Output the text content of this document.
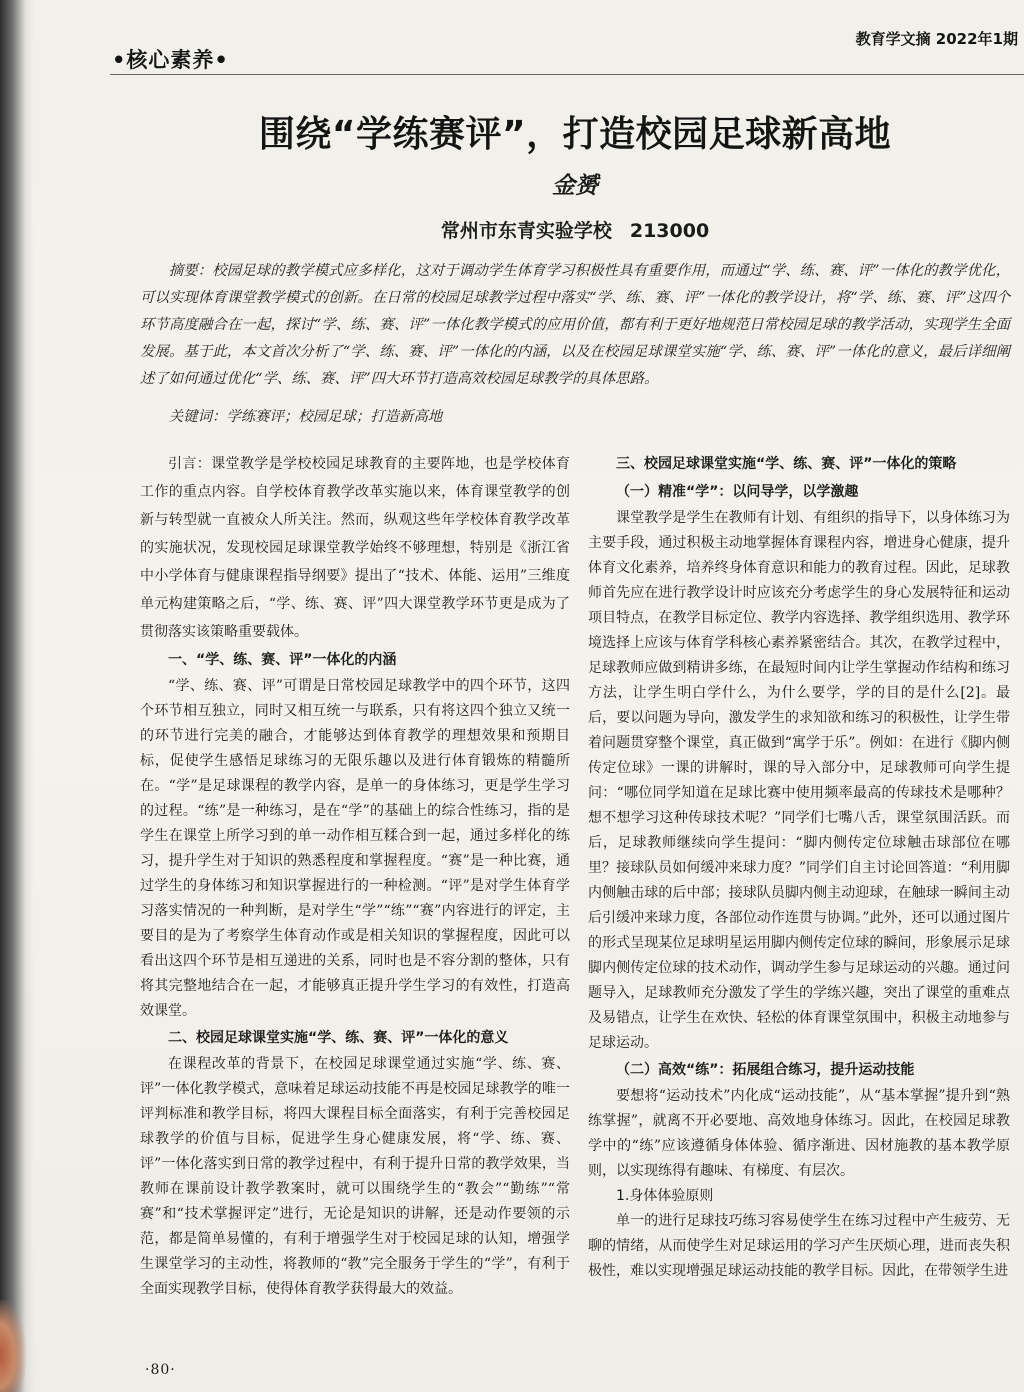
•核心素养•
教育学文摘 2022年1期
围绕“学练赛评”，打造校园足球新高地
金赟
常州市东青实验学校 213000

摘要：校园足球的教学模式应多样化，这对于调动学生体育学习积极性具有重要作用，而通过“学、练、赛、评”一体化的教学优化，可以实现体育课堂教学模式的创新。在日常的校园足球教学过程中落实“学、练、赛、评”一体化的教学设计，将“学、练、赛、评”这四个环节高度融合在一起，探讨“学、练、赛、评”一体化教学模式的应用价值，都有利于更好地规范日常校园足球的教学活动，实现学生全面发展。基于此，本文首次分析了“学、练、赛、评”一体化的内涵，以及在校园足球课堂实施“学、练、赛、评”一体化的意义，最后详细阐述了如何通过优化“学、练、赛、评”四大环节打造高效校园足球教学的具体思路。

关键词：学练赛评；校园足球；打造新高地

引言：课堂教学是学校校园足球教育的主要阵地，也是学校体育工作的重点内容。自学校体育教学改革实施以来，体育课堂教学的创新与转型就一直被众人所关注。然而，纵观这些年学校体育教学改革的实施状况，发现校园足球课堂教学始终不够理想，特别是《浙江省中小学体育与健康课程指导纲要》提出了“技术、体能、运用”三维度单元构建策略之后，“学、练、赛、评”四大课堂教学环节更是成为了贯彻落实该策略重要载体。

一、“学、练、赛、评”一体化的内涵

“学、练、赛、评”可谓是日常校园足球教学中的四个环节，这四个环节相互独立，同时又相互统一与联系，只有将这四个独立又统一的环节进行完美的融合，才能够达到体育教学的理想效果和预期目标，促使学生感悟足球练习的无限乐趣以及进行体育锻炼的精髓所在。“学”是足球课程的教学内容，是单一的身体练习，更是学生学习的过程。“练”是一种练习，是在“学”的基础上的综合性练习，指的是学生在课堂上所学习到的单一动作相互糅合到一起，通过多样化的练习，提升学生对于知识的熟悉程度和掌握程度。“赛”是一种比赛，通过学生的身体练习和知识掌握进行的一种检测。“评”是对学生体育学习落实情况的一种判断，是对学生“学”“练”“赛”内容进行的评定，主要目的是为了考察学生体育动作或是相关知识的掌握程度，因此可以看出这四个环节是相互递进的关系，同时也是不容分割的整体，只有将其完整地结合在一起，才能够真正提升学生学习的有效性，打造高效课堂。

二、校园足球课堂实施“学、练、赛、评”一体化的意义

在课程改革的背景下，在校园足球课堂通过实施“学、练、赛、评”一体化教学模式，意味着足球运动技能不再是校园足球教学的唯一评判标准和教学目标，将四大课程目标全面落实，有利于完善校园足球教学的价值与目标，促进学生身心健康发展，将“学、练、赛、评”一体化落实到日常的教学过程中，有利于提升日常的教学效果，当教师在课前设计教学教案时，就可以围绕学生的“教会”“勤练”“常赛”和“技术掌握评定”进行，无论是知识的讲解，还是动作要领的示范，都是简单易懂的，有利于增强学生对于校园足球的认知，增强学生课堂学习的主动性，将教师的“教”完全服务于学生的“学”，有利于全面实现教学目标，使得体育教学获得最大的效益。

三、校园足球课堂实施“学、练、赛、评”一体化的策略
（一）精准“学”：以问导学，以学激趣

课堂教学是学生在教师有计划、有组织的指导下，以身体练习为主要手段，通过积极主动地掌握体育课程内容，增进身心健康，提升体育文化素养，培养终身体育意识和能力的教育过程。因此，足球教师首先应在进行教学设计时应该充分考虑学生的身心发展特征和运动项目特点，在教学目标定位、教学内容选择、教学组织选用、教学环境选择上应该与体育学科核心素养紧密结合。其次，在教学过程中，足球教师应做到精讲多练，在最短时间内让学生掌握动作结构和练习方法，让学生明白学什么，为什么要学，学的目的是什么[2]。最后，要以问题为导向，激发学生的求知欲和练习的积极性，让学生带着问题贯穿整个课堂，真正做到“寓学于乐”。例如：在进行《脚内侧传定位球》一课的讲解时，课的导入部分中，足球教师可向学生提问：“哪位同学知道在足球比赛中使用频率最高的传球技术是哪种？想不想学习这种传球技术呢？”同学们七嘴八舌，课堂氛围活跃。而后，足球教师继续向学生提问：“脚内侧传定位球触击球部位在哪里？接球队员如何缓冲来球力度？”同学们自主讨论回答道：“利用脚内侧触击球的后中部；接球队员脚内侧主动迎球，在触球一瞬间主动后引缓冲来球力度，各部位动作连贯与协调。”此外，还可以通过图片的形式呈现某位足球明星运用脚内侧传定位球的瞬间，形象展示足球脚内侧传定位球的技术动作，调动学生参与足球运动的兴趣。通过问题导入，足球教师充分激发了学生的学练兴趣，突出了课堂的重难点及易错点，让学生在欢快、轻松的体育课堂氛围中，积极主动地参与足球运动。

（二）高效“练”：拓展组合练习，提升运动技能

要想将“运动技术”内化成“运动技能”，从“基本掌握”提升到“熟练掌握”，就离不开必要地、高效地身体练习。因此，在校园足球教学中的“练”应该遵循身体体验、循序渐进、因材施教的基本教学原则，以实现练得有趣味、有梯度、有层次。

1.身体体验原则

单一的进行足球技巧练习容易使学生在练习过程中产生疲劳、无聊的情绪，从而使学生对足球运用的学习产生厌烦心理，进而丧失积极性，难以实现增强足球运动技能的教学目标。因此，在带领学生进

·80·
